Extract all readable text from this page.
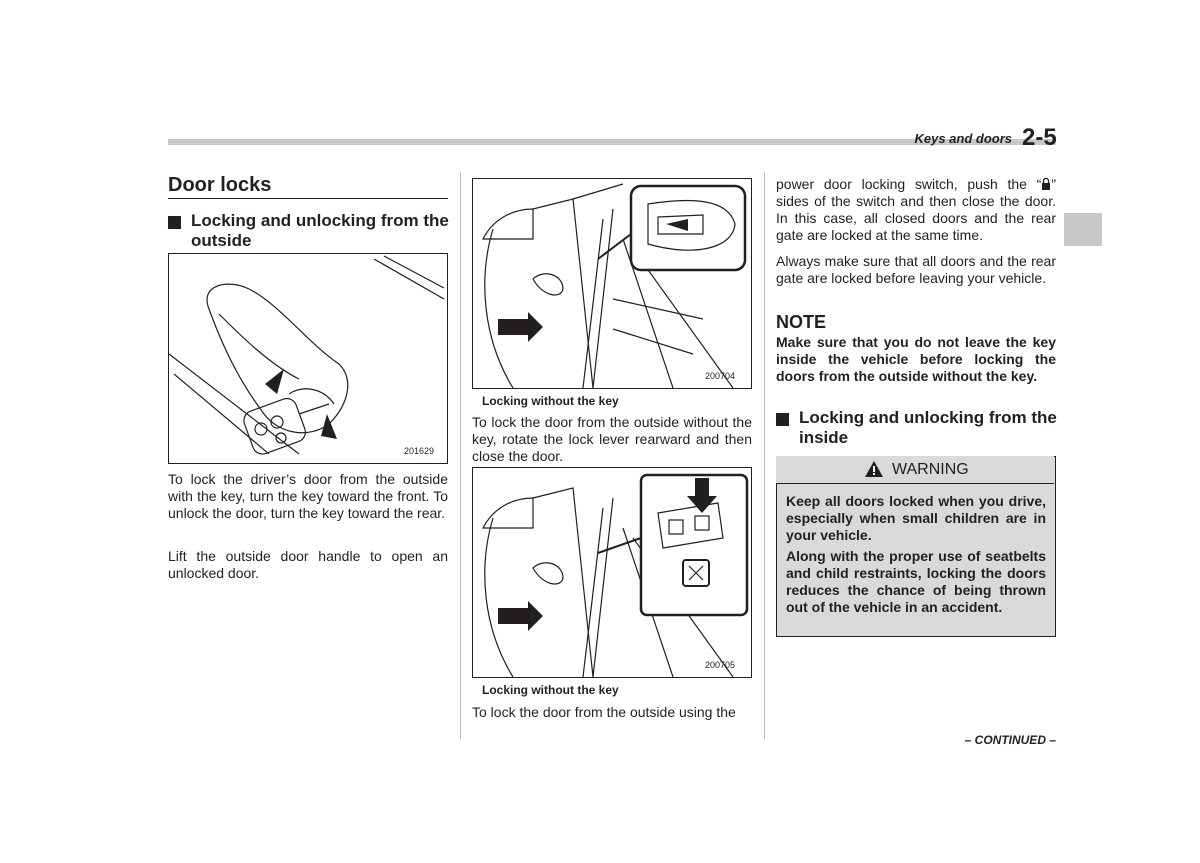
Keys and doors 2-5
Door locks
Locking and unlocking from the outside
201629
To lock the driver’s door from the outside with the key, turn the key toward the front. To unlock the door, turn the key toward the rear.
Lift the outside door handle to open an unlocked door.
200704
Locking without the key
To lock the door from the outside without the key, rotate the lock lever rearward and then close the door.
200705
Locking without the key
To lock the door from the outside using the
power door locking switch, push the “ ” sides of the switch and then close the door. In this case, all closed doors and the rear gate are locked at the same time.
Always make sure that all doors and the rear gate are locked before leaving your vehicle.
NOTE
Make sure that you do not leave the key inside the vehicle before locking the doors from the outside without the key.
Locking and unlocking from the inside
WARNING
Keep all doors locked when you drive, especially when small children are in your vehicle.
Along with the proper use of seatbelts and child restraints, locking the doors reduces the chance of being thrown out of the vehicle in an accident.
– CONTINUED –
